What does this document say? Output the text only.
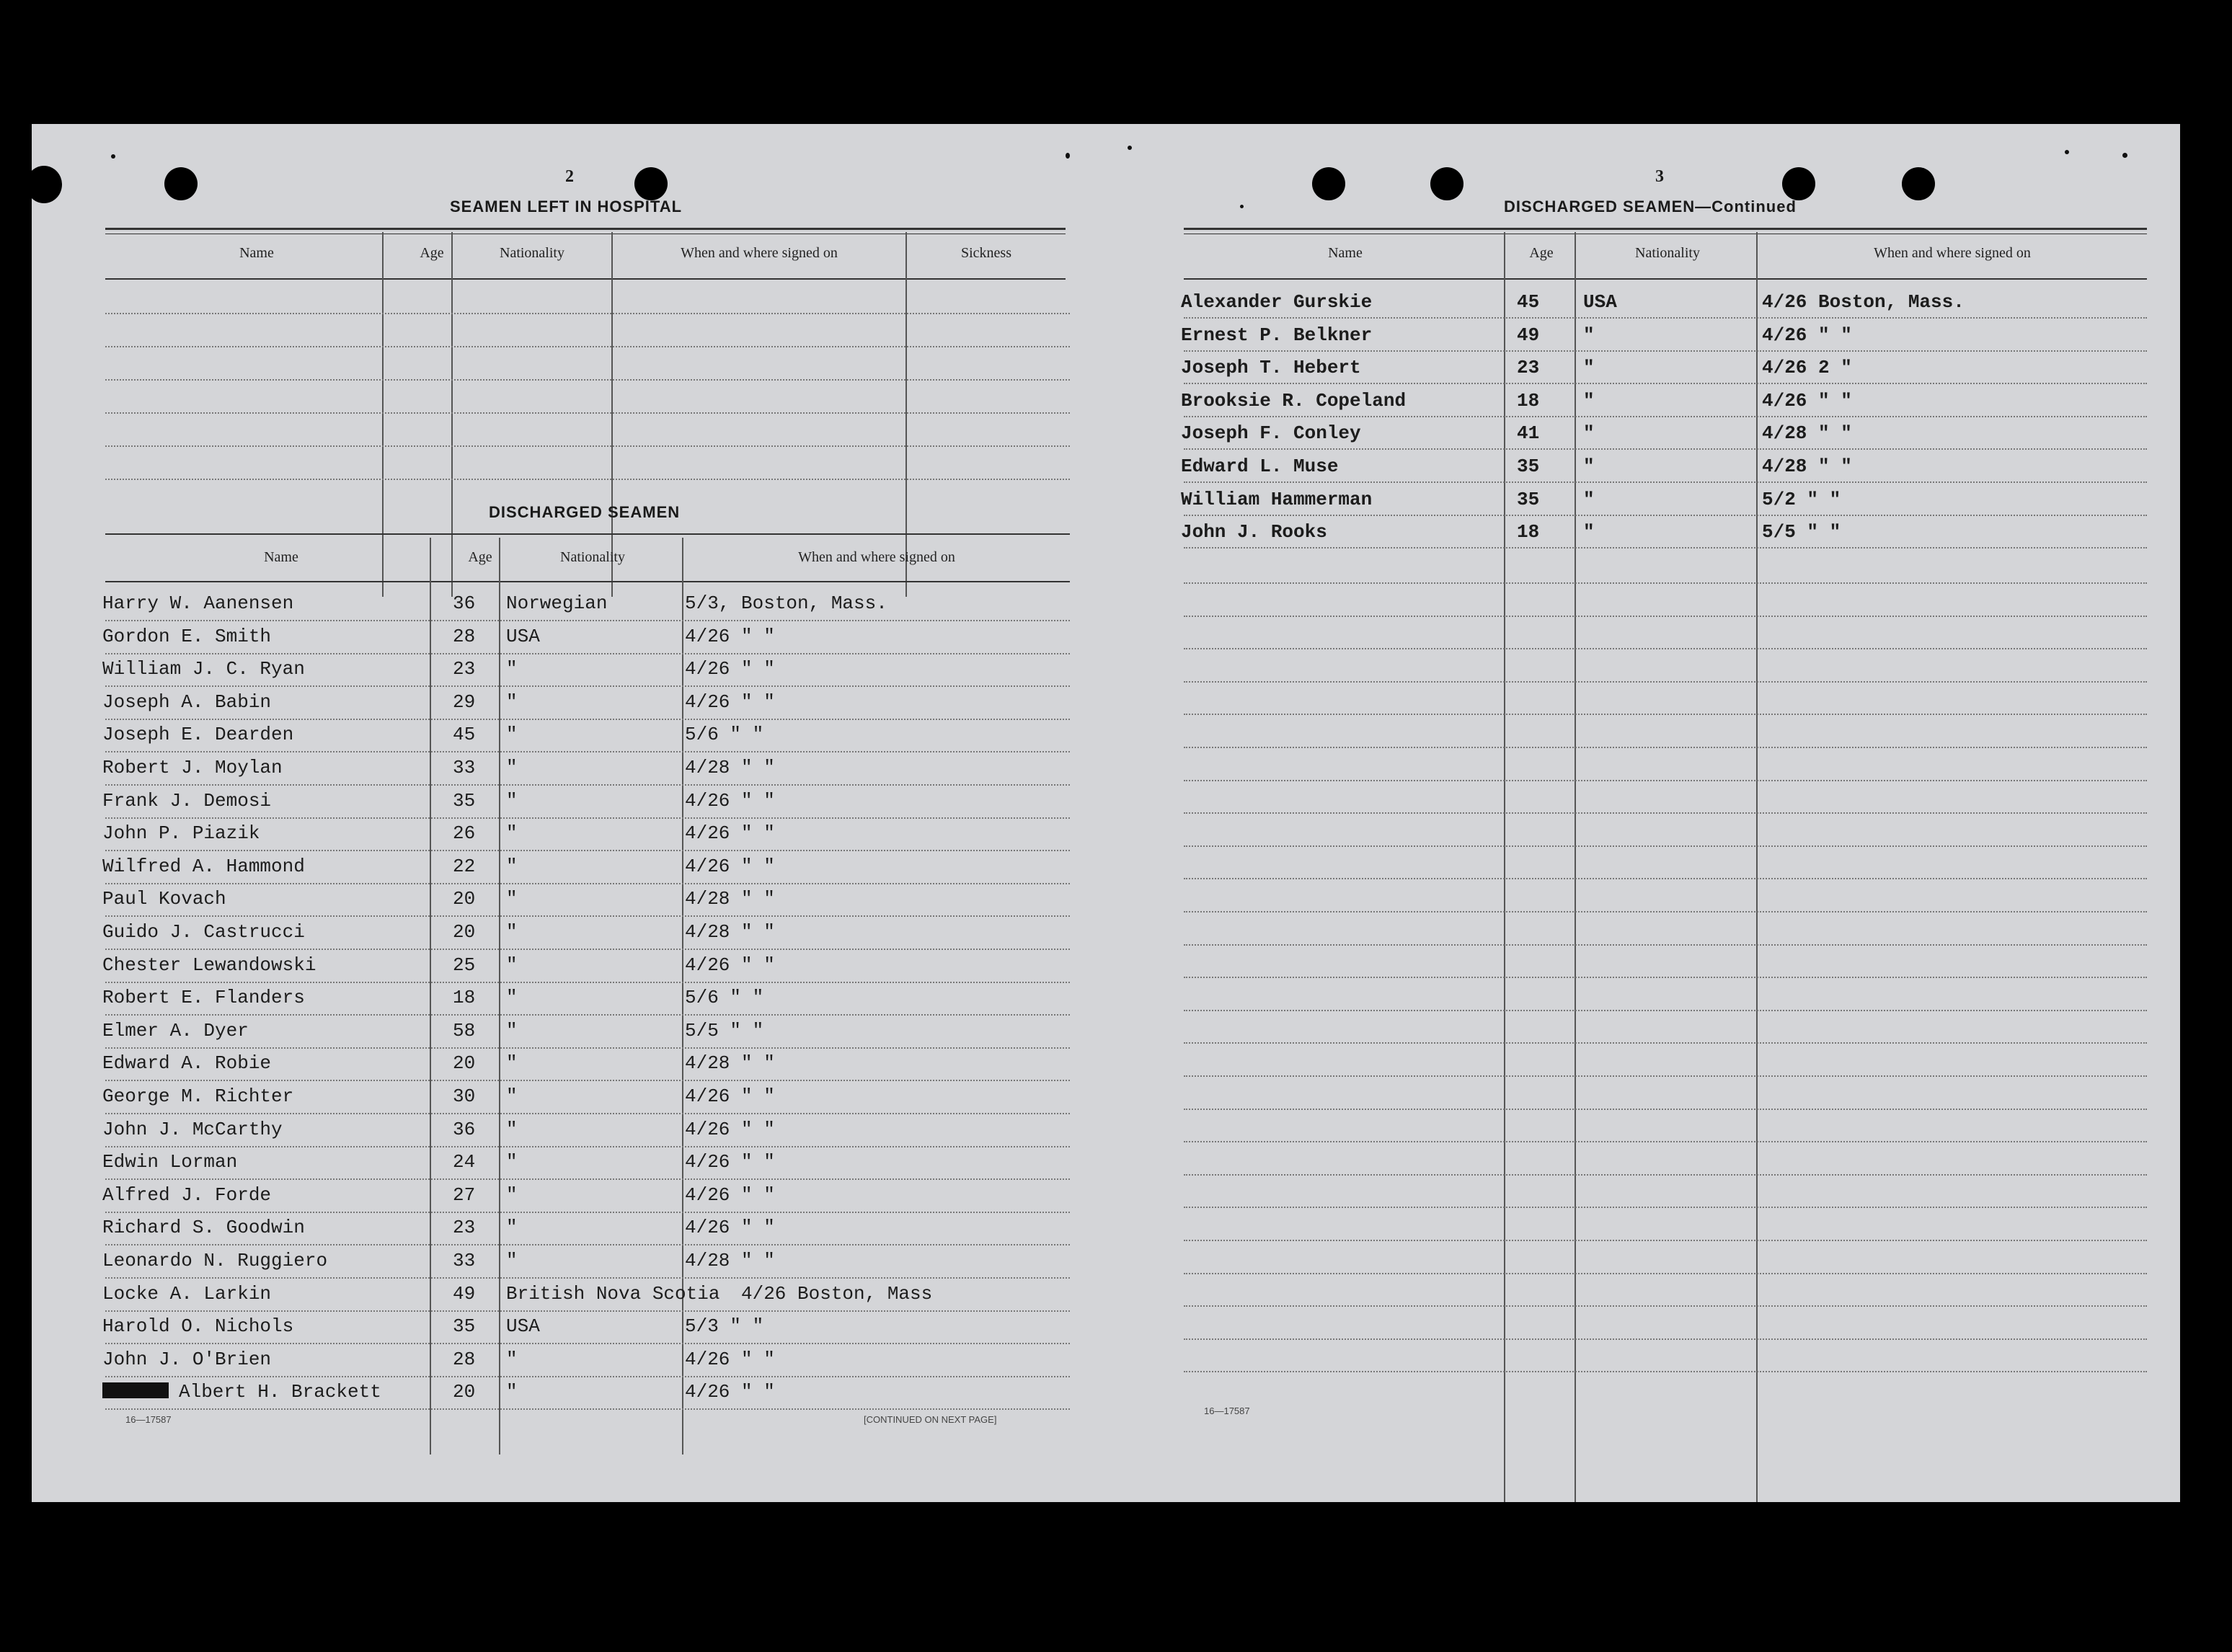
2
SEAMEN LEFT IN HOSPITAL
Name	Age	Nationality	When and where signed on	Sickness
DISCHARGED SEAMEN
Name	Age	Nationality	When and where signed on
Harry W. Aanensen	36 Norwegian	5/3, Boston, Mass.
Gordon E. Smith	28 USA	4/26 " "
William J. C. Ryan	23 "	4/26 " "
Joseph A. Babin	29 "	4/26 " "
Joseph E. Dearden	45 "	5/6 " "
Robert J. Moylan	33 "	4/28 " "
Frank J. Demosi	35 "	4/26 " "
John P. Piazik	26 "	4/26 " "
Wilfred A. Hammond	22 "	4/26 " "
Paul Kovach	20 "	4/28 " "
Guido J. Castrucci	20 "	4/28 " "
Chester Lewandowski	25 "	4/26 " "
Robert E. Flanders	18 "	5/6 " "
Elmer A. Dyer	58 "	5/5 " "
Edward A. Robie	20 "	4/28 " "
George M. Richter	30 "	4/26 " "
John J. McCarthy	36 "	4/26 " "
Edwin Lorman	24 "	4/26 " "
Alfred J. Forde	27 "	4/26 " "
Richard S. Goodwin	23 "	4/26 " "
Leonardo N. Ruggiero	33 "	4/28 " "
Locke A. Larkin	49 British Nova Scotia 4/26 Boston, Mass
Harold O. Nichols	35 USA	5/3 " "
John J. O'Brien	28 "	4/26 " "
Albert H. Brackett	20 "	4/26 " "
16—17587	[CONTINUED ON NEXT PAGE]
3
DISCHARGED SEAMEN—Continued
Name	Age	Nationality	When and where signed on
Alexander Gurskie	45 USA	4/26 Boston, Mass.
Ernest P. Belkner	49 "	4/26 " "
Joseph T. Hebert	23 "	4/26 2 "
Brooksie R. Copeland	18 "	4/26 " "
Joseph F. Conley	41 "	4/28 " "
Edward L. Muse	35 "	4/28 " "
William Hammerman	35 "	5/2 " "
John J. Rooks	18 "	5/5 " "
16—17587
